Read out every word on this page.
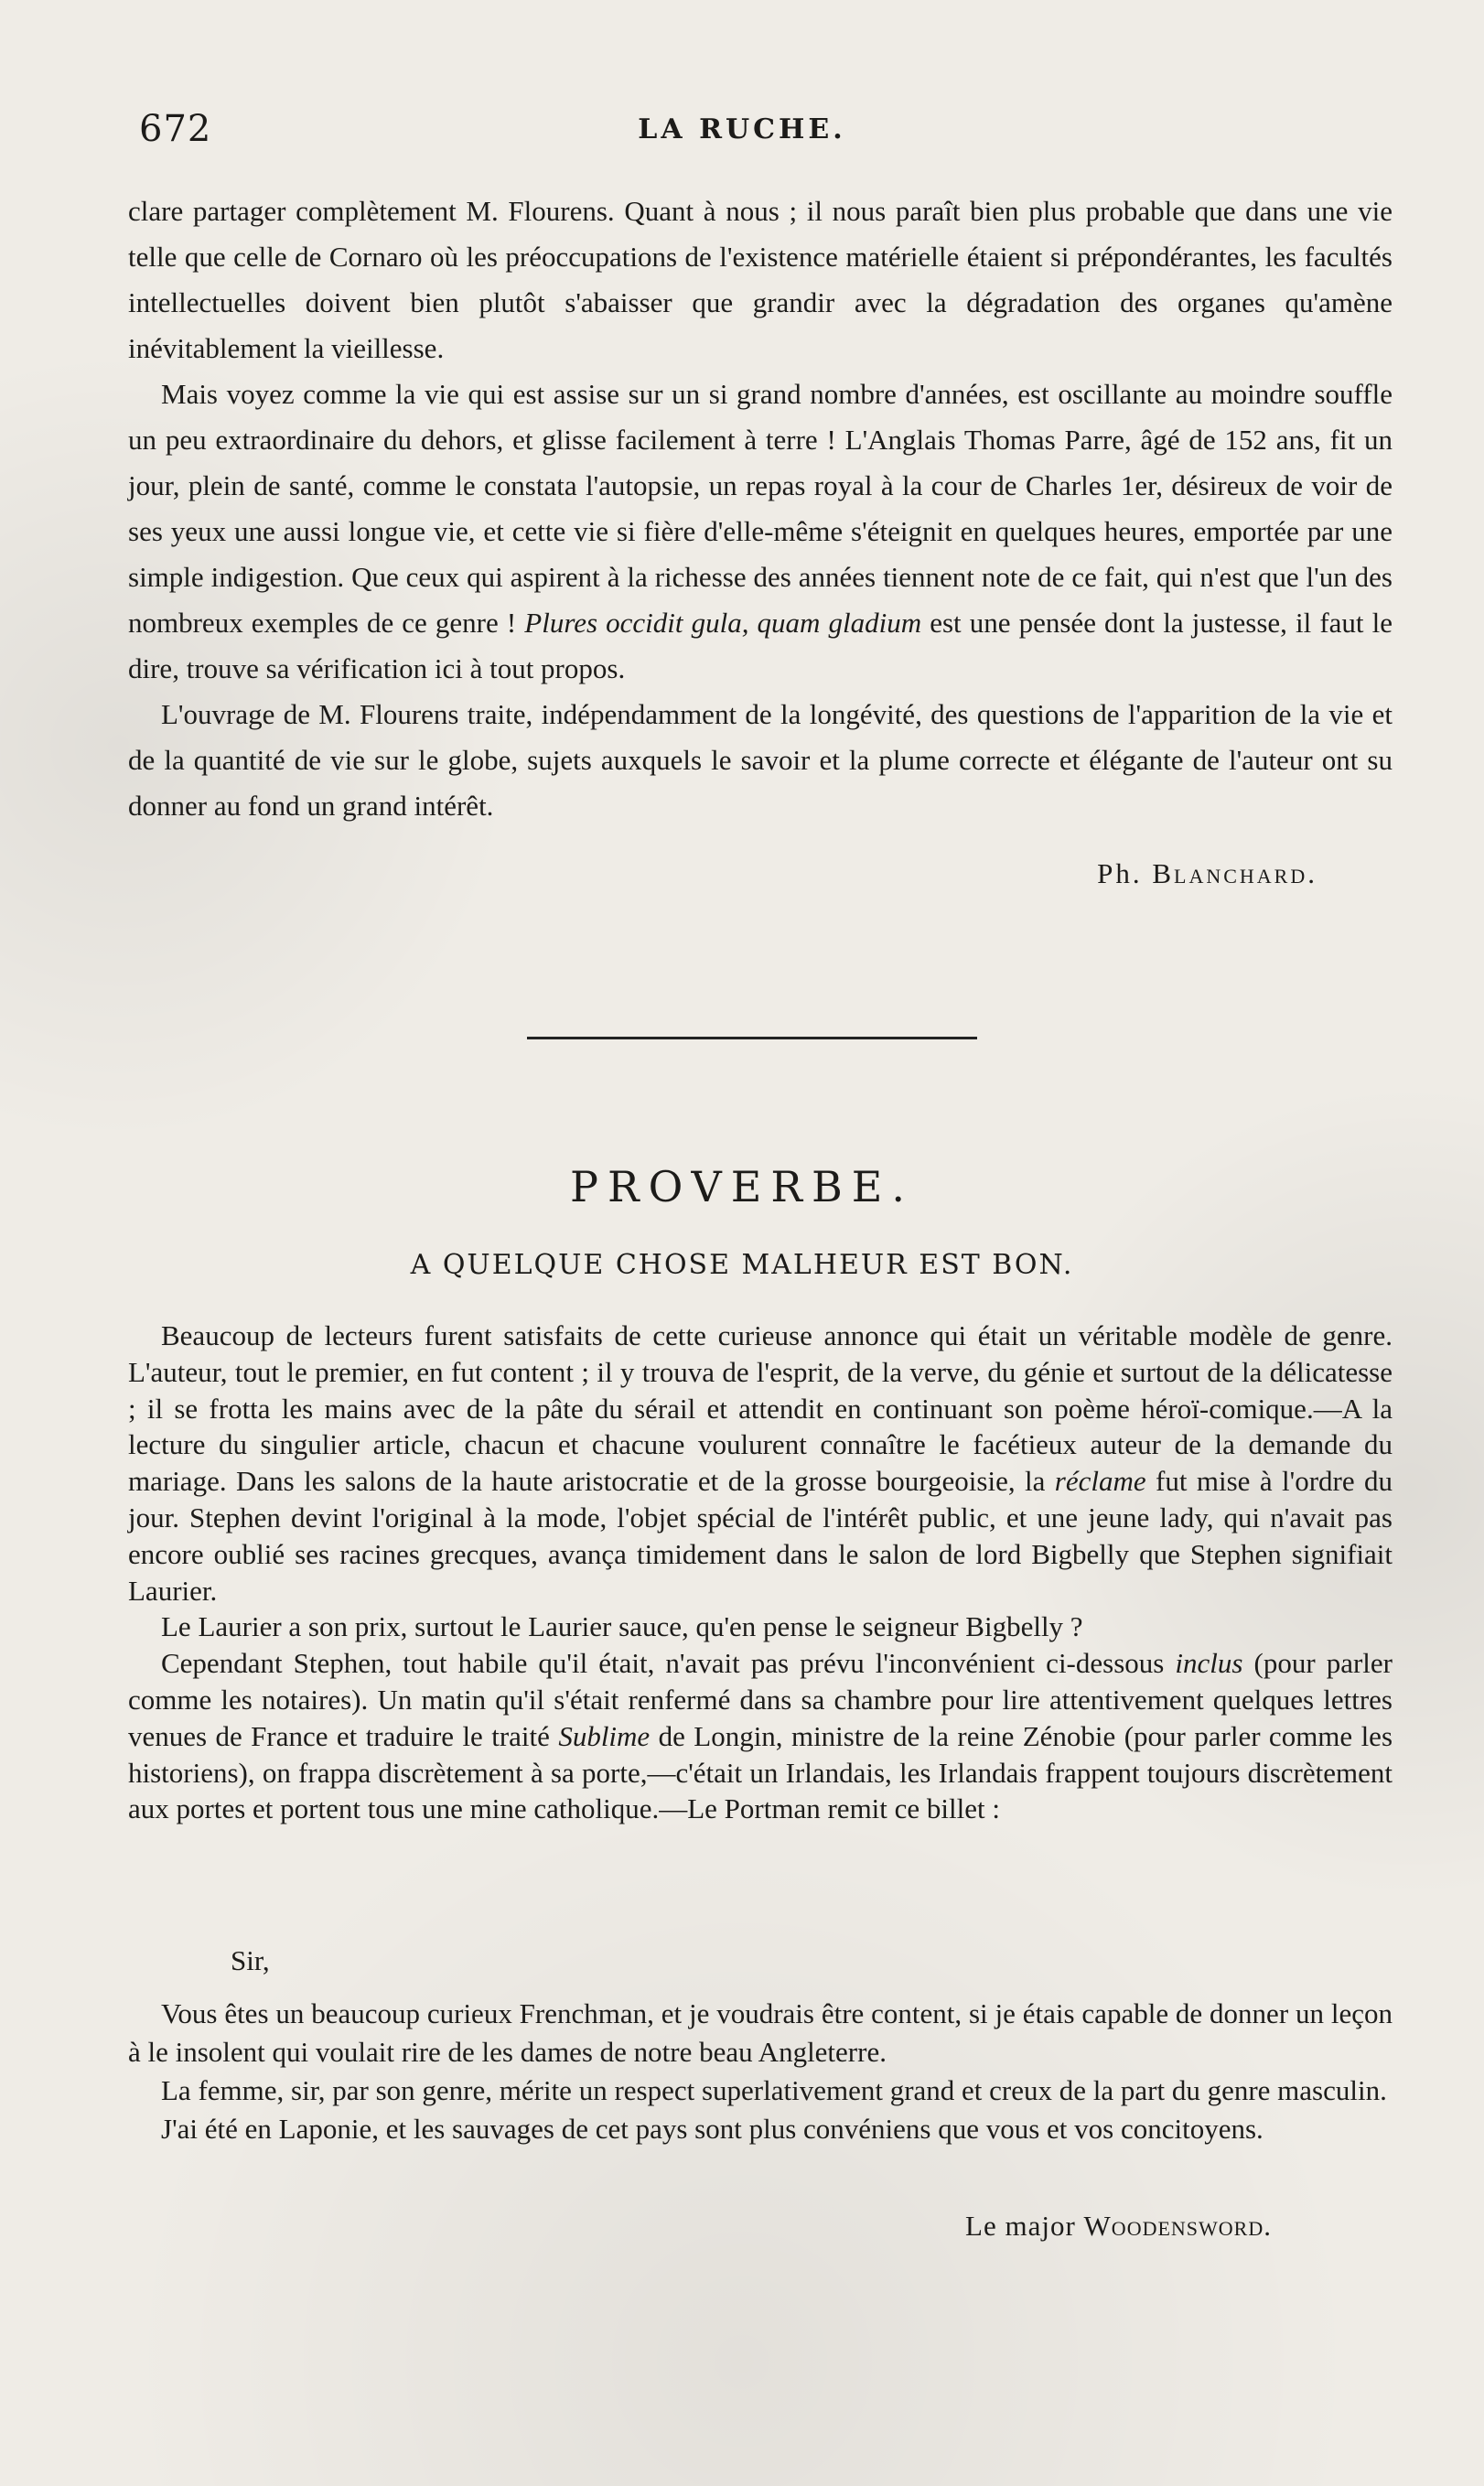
672	LA RUCHE.

clare partager complètement M. Flourens. Quant à nous ; il nous paraît bien plus probable que dans une vie telle que celle de Cornaro où les préoccupations de l'existence matérielle étaient si prépondérantes, les facultés intellectuelles doivent bien plutôt s'abaisser que grandir avec la dégradation des organes qu'amène inévitablement la vieillesse.

Mais voyez comme la vie qui est assise sur un si grand nombre d'années, est oscillante au moindre souffle un peu extraordinaire du dehors, et glisse facilement à terre ! L'Anglais Thomas Parre, âgé de 152 ans, fit un jour, plein de santé, comme le constata l'autopsie, un repas royal à la cour de Charles 1er, désireux de voir de ses yeux une aussi longue vie, et cette vie si fière d'elle-même s'éteignit en quelques heures, emportée par une simple indigestion. Que ceux qui aspirent à la richesse des années tiennent note de ce fait, qui n'est que l'un des nombreux exemples de ce genre ! Plures occidit gula, quam gladium est une pensée dont la justesse, il faut le dire, trouve sa vérification ici à tout propos.

L'ouvrage de M. Flourens traite, indépendamment de la longévité, des questions de l'apparition de la vie et de la quantité de vie sur le globe, sujets auxquels le savoir et la plume correcte et élégante de l'auteur ont su donner au fond un grand intérêt.

Ph. Blanchard.
PROVERBE.
A QUELQUE CHOSE MALHEUR EST BON.

Beaucoup de lecteurs furent satisfaits de cette curieuse annonce qui était un véritable modèle de genre. L'auteur, tout le premier, en fut content ; il y trouva de l'esprit, de la verve, du génie et surtout de la délicatesse ; il se frotta les mains avec de la pâte du sérail et attendit en continuant son poème héroï-comique.—A la lecture du singulier article, chacun et chacune voulurent connaître le facétieux auteur de la demande du mariage. Dans les salons de la haute aristocratie et de la grosse bourgeoisie, la réclame fut mise à l'ordre du jour. Stephen devint l'original à la mode, l'objet spécial de l'intérêt public, et une jeune lady, qui n'avait pas encore oublié ses racines grecques, avança timidement dans le salon de lord Bigbelly que Stephen signifiait Laurier.

Le Laurier a son prix, surtout le Laurier sauce, qu'en pense le seigneur Bigbelly ?

Cependant Stephen, tout habile qu'il était, n'avait pas prévu l'inconvénient ci-dessous inclus (pour parler comme les notaires). Un matin qu'il s'était renfermé dans sa chambre pour lire attentivement quelques lettres venues de France et traduire le traité Sublime de Longin, ministre de la reine Zénobie (pour parler comme les historiens), on frappa discrètement à sa porte,—c'était un Irlandais, les Irlandais frappent toujours discrètement aux portes et portent tous une mine catholique.—Le Portman remit ce billet :

Sir,

Vous êtes un beaucoup curieux Frenchman, et je voudrais être content, si je étais capable de donner un leçon à le insolent qui voulait rire de les dames de notre beau Angleterre.

La femme, sir, par son genre, mérite un respect superlativement grand et creux de la part du genre masculin.

J'ai été en Laponie, et les sauvages de cet pays sont plus convéniens que vous et vos concitoyens.

Le major Woodensword.
